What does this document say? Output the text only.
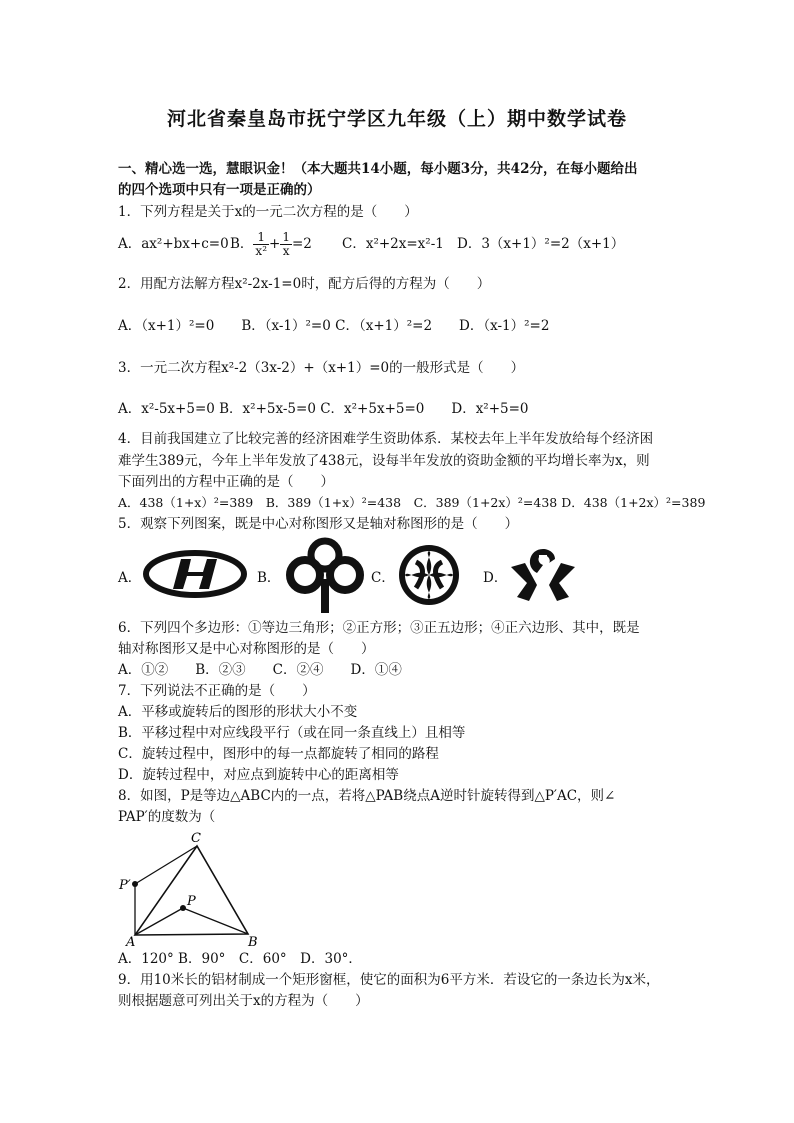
河北省秦皇岛市抚宁学区九年级（上）期中数学试卷
一、精心选一选，慧眼识金！（本大题共14小题，每小题3分，共42分，在每小题给出
的四个选项中只有一项是正确的）
1．下列方程是关于x的一元二次方程的是（　　）
A．ax²+bx+c=0 B． $\frac{1}{\text{x²}} + \frac{1}{x} =2$ C．x²+2x=x²-1 D．3（x+1）²=2（x+1）
2．用配方法解方程x²-2x-1=0时，配方后得的方程为（　　）
A．（x+1）²=0　　B．（x-1）²=0 C．（x+1）²=2　　D．（x-1）²=2
3．一元二次方程x²-2（3x-2）+（x+1）=0的一般形式是（　　）
A．x²-5x+5=0 B．x²+5x-5=0 C．x²+5x+5=0　　D．x²+5=0
4．目前我国建立了比较完善的经济困难学生资助体系．某校去年上半年发放给每个经济困
难学生389元，今年上半年发放了438元，设每半年发放的资助金额的平均增长率为x，则
下面列出的方程中正确的是（　　）
A．438（1+x）²=389　B．389（1+x）²=438　C．389（1+2x）²=438 D．438（1+2x）²=389
5．观察下列图案，既是中心对称图形又是轴对称图形的是（　　）
A．	B．	C．	D．
6．下列四个多边形：①等边三角形；②正方形；③正五边形；④正六边形、其中，既是
轴对称图形又是中心对称图形的是（　　）
A．①②　　B．②③　　C．②④　　D．①④
7．下列说法不正确的是（　　）
A．平移或旋转后的图形的形状大小不变
B．平移过程中对应线段平行（或在同一条直线上）且相等
C．旋转过程中，图形中的每一点都旋转了相同的路程
D．旋转过程中，对应点到旋转中心的距离相等
8．如图，P是等边△ABC内的一点，若将△PAB绕点A逆时针旋转得到△P′AC，则∠
PAP′的度数为（
C
P
P′
A	B
A．120° B．90°　C．60°　D．30°．
9．用10米长的铝材制成一个矩形窗框，使它的面积为6平方米．若设它的一条边长为x米，
则根据题意可列出关于x的方程为（　　）
